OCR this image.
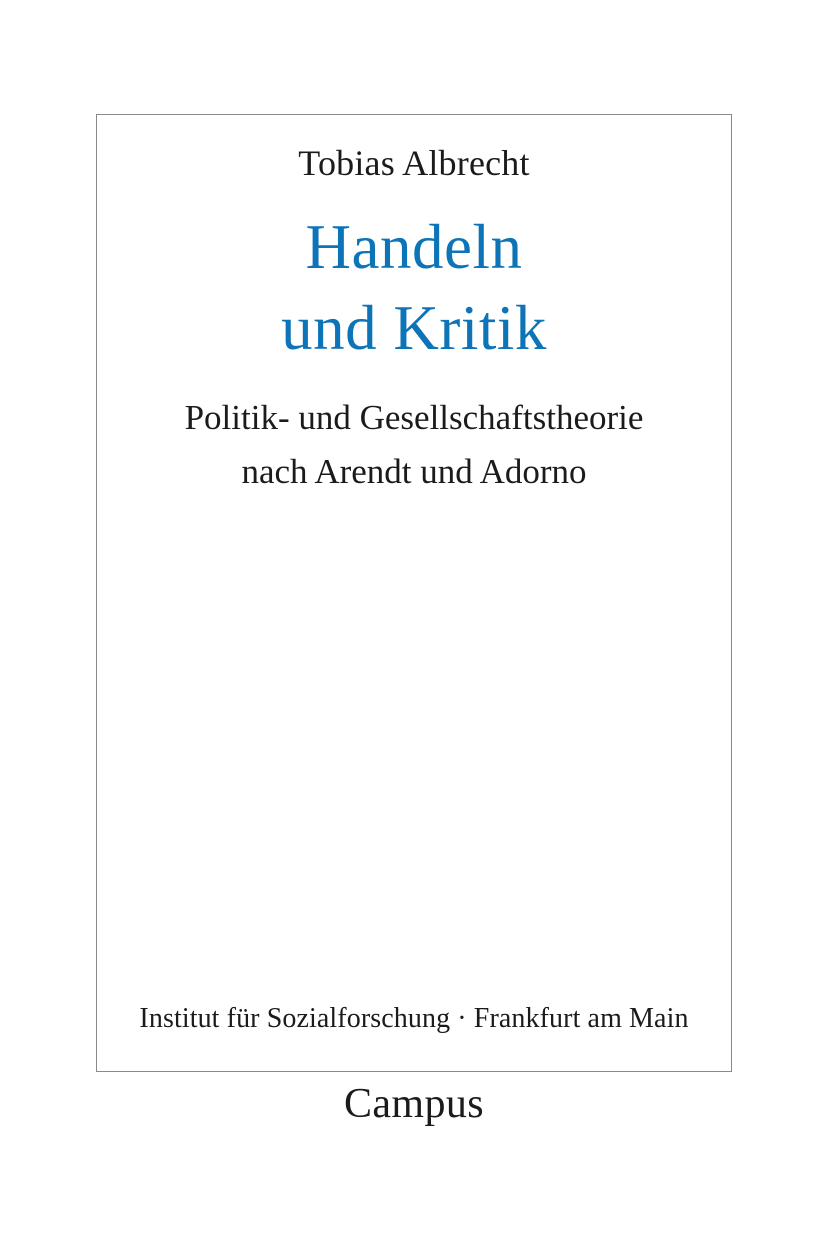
Tobias Albrecht
Handeln
und Kritik
Politik- und Gesellschaftstheorie
nach Arendt und Adorno
Institut für Sozialforschung · Frankfurt am Main
Campus
